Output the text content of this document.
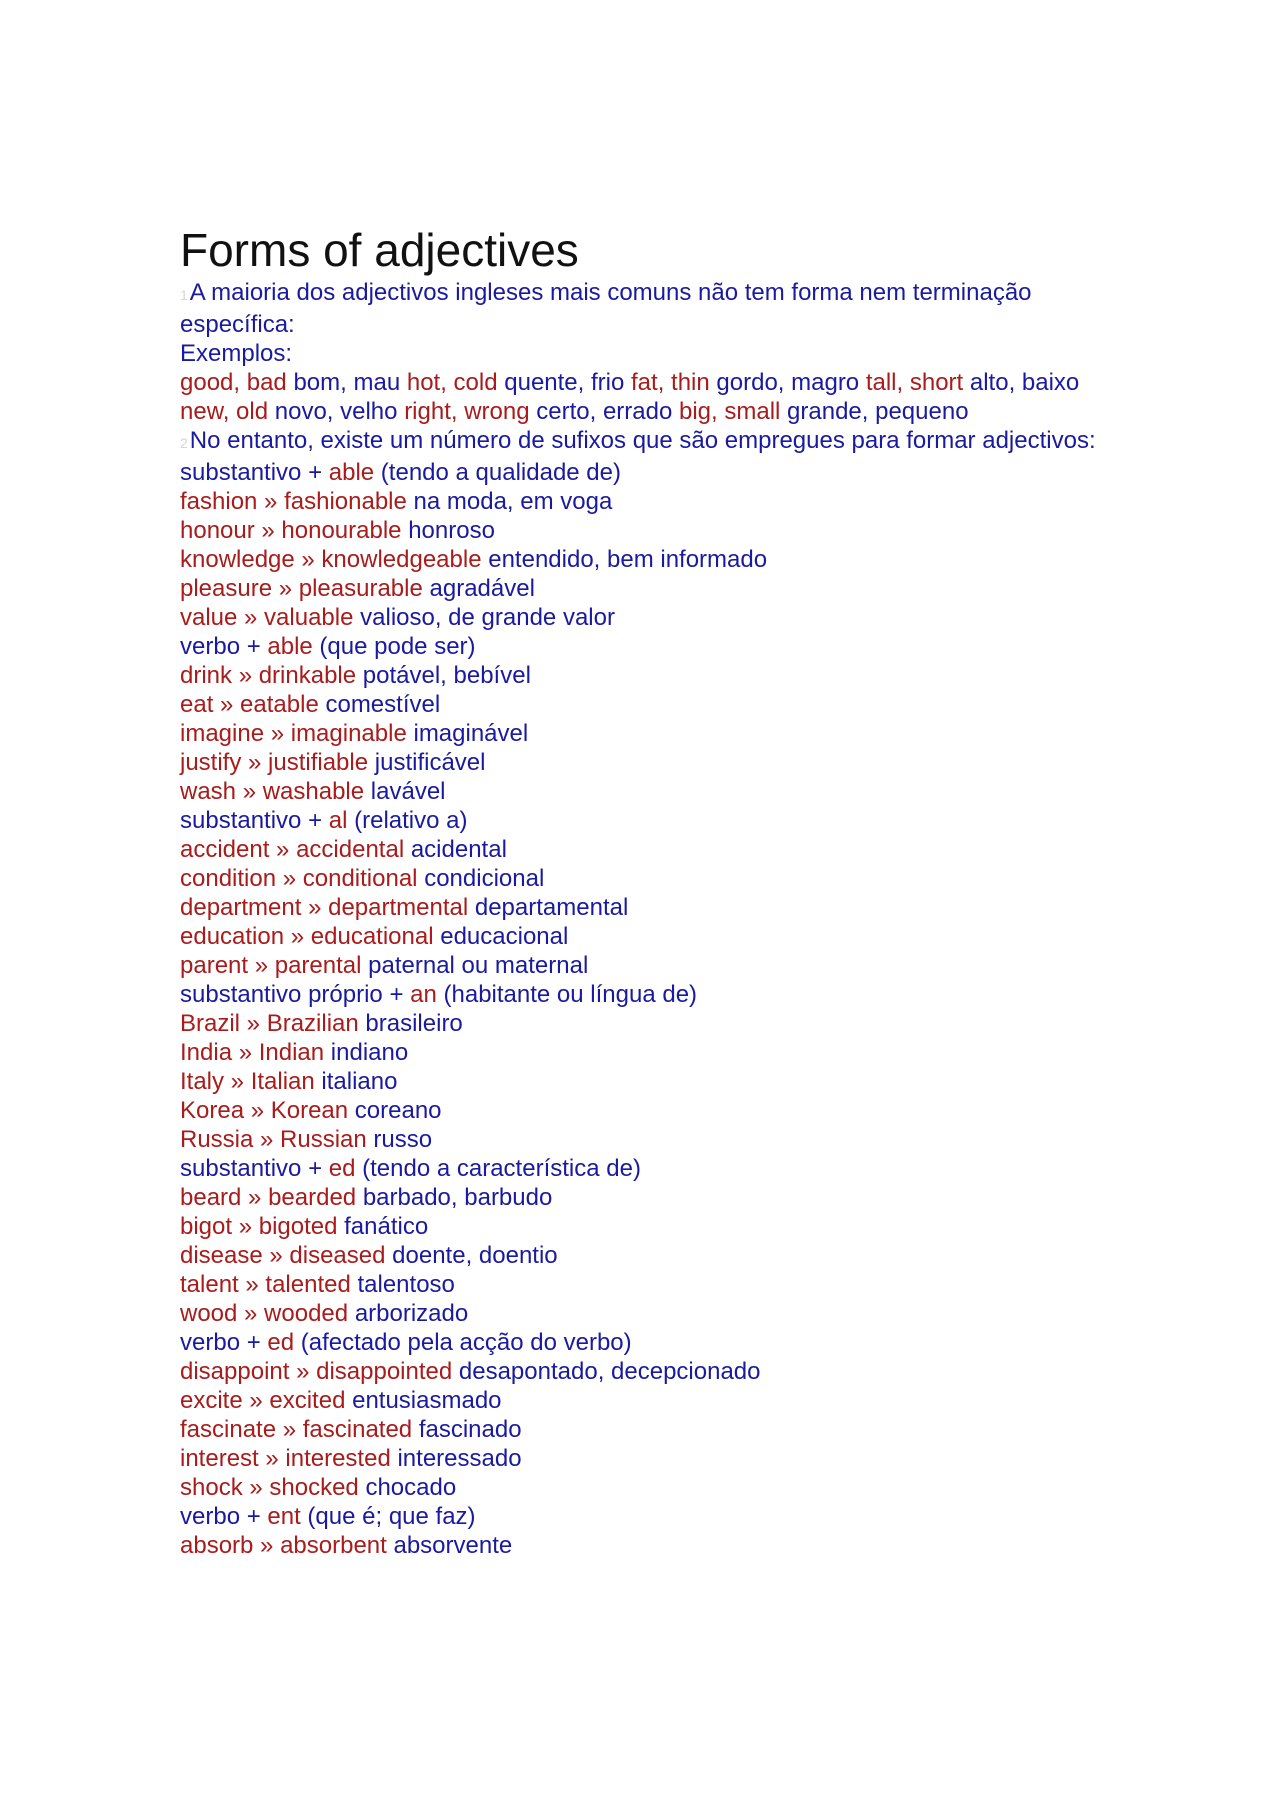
Forms of adjectives
1A maioria dos adjectivos ingleses mais comuns não tem forma nem terminação específica:
Exemplos:
good, bad bom, mau hot, cold quente, frio fat, thin gordo, magro tall, short alto, baixo new, old novo, velho right, wrong certo, errado big, small grande, pequeno
2No entanto, existe um número de sufixos que são empregues para formar adjectivos:
substantivo + able (tendo a qualidade de)
fashion » fashionable na moda, em voga
honour » honourable honroso
knowledge » knowledgeable entendido, bem informado
pleasure » pleasurable agradável
value » valuable valioso, de grande valor
verbo + able (que pode ser)
drink » drinkable potável, bebível
eat » eatable comestível
imagine » imaginable imaginável
justify » justifiable justificável
wash » washable lavável
substantivo + al (relativo a)
accident » accidental acidental
condition » conditional condicional
department » departmental departamental
education » educational educacional
parent » parental paternal ou maternal
substantivo próprio + an (habitante ou língua de)
Brazil » Brazilian brasileiro
India » Indian indiano
Italy » Italian italiano
Korea » Korean coreano
Russia » Russian russo
substantivo + ed (tendo a característica de)
beard » bearded barbado, barbudo
bigot » bigoted fanático
disease » diseased doente, doentio
talent » talented talentoso
wood » wooded arborizado
verbo + ed (afectado pela acção do verbo)
disappoint » disappointed desapontado, decepcionado
excite » excited entusiasmado
fascinate » fascinated fascinado
interest » interested interessado
shock » shocked chocado
verbo + ent (que é; que faz)
absorb » absorbent absorvente
